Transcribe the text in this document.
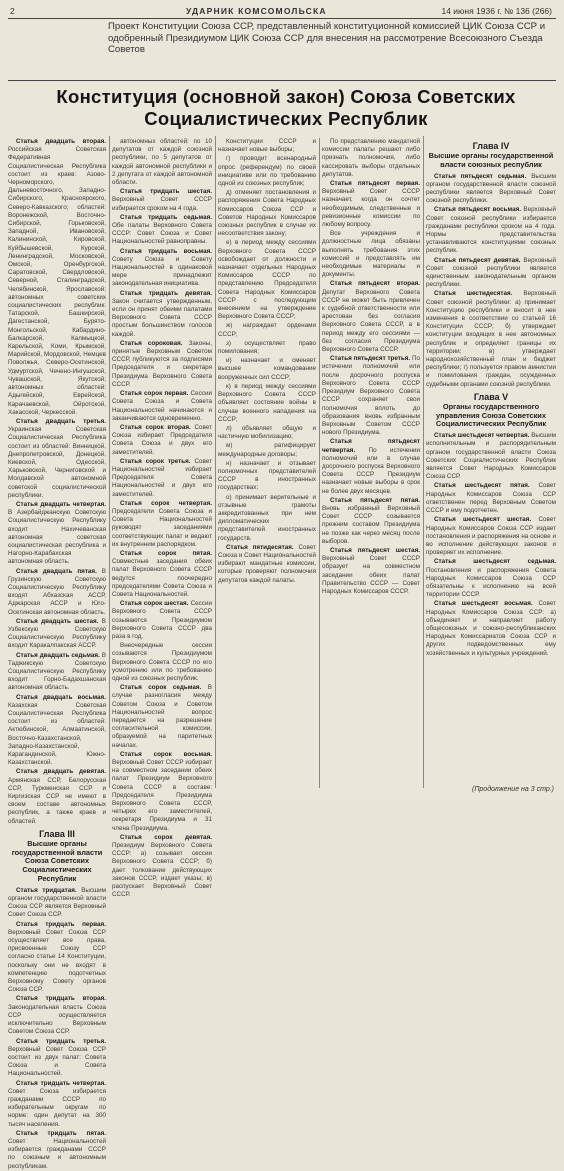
2	УДАРНИК КОМСОМОЛЬСКА	14 июня 1936 г. № 136 (266)
Проект Конституции Союза ССР, представленный конституционной комиссией ЦИК Союза ССР и одобренный Президиумом ЦИК Союза ССР для внесения на рассмотрение Всесоюзного Съезда Советов
Конституция (основной закон) Союза Советских Социалистических Республик

Статья двадцать вторая. Российская Советская Федеративная Социалистическая Республика состоит из краев: Азово-Черноморского, Дальневосточного, Западно-Сибирского, Красноярского, Северо-Кавказского; областей: Воронежской, Восточно-Сибирской, Горьковской, Западной, Ивановской, Калининской, Кировской, Куйбышевской, Курской, Ленинградской, Московской, Омской, Оренбургской, Саратовской, Свердловской, Северной, Сталинградской, Челябинской, Ярославской; автономных советских социалистических республик: Татарской, Башкирской, Дагестанской, Бурято-Монгольской, Кабардино-Балкарской, Калмыцкой, Карельской, Коми, Крымской, Марийской, Мордовской, Немцев Поволжья, Северо-Осетинской, Удмуртской, Чечено-Ингушской, Чувашской, Якутской; автономных областей: Адыгейской, Еврейской, Карачаевской, Ойротской, Хакасской, Черкесской.

Статья двадцать третья. Украинская Советская Социалистическая Республика состоит из областей: Винницкой, Днепропетровской, Донецкой, Киевской, Одесской, Харьковской, Черниговской и Молдавской автономной советской социалистической республики.

Статья двадцать четвертая. В Азербайджанскую Советскую Социалистическую Республику входит Нахичеванская автономная советская социалистическая республика и Нагорно-Карабахская автономная область.

Статья двадцать пятая. В Грузинскую Советскую Социалистическую Республику входят Абхазская АССР, Аджарская АССР и Юго-Осетинская автономная область.

Статья двадцать шестая. В Узбекскую Советскую Социалистическую Республику входит Каракалпакская АССР.

Статья двадцать седьмая. В Таджикскую Советскую Социалистическую Республику входит Горно-Бадахшанская автономная область.

Статья двадцать восьмая. Казахская Советская Социалистическая Республика состоит из областей: Актюбинской, Алмаатинской, Восточно-Казахстанской, Западно-Казахстанской, Карагандинской, Южно-Казахстанской.

Статья двадцать девятая. Армянская ССР, Белорусская ССР, Туркменская ССР и Киргизская ССР не имеют в своем составе автономных республик, а также краев и областей.

Глава III
Высшие органы государственной власти Союза Советских Социалистических Республик

Статья тридцатая. Высшим органом государственной власти Союза ССР является Верховный Совет Союза ССР.

Статья тридцать первая. Верховный Совет Союза ССР осуществляет все права, присвоенные Союзу ССР согласно статье 14 Конституции, поскольку они не входят в компетенцию подотчетных Верховному Совету органов Союза ССР.

Статья тридцать вторая. Законодательная власть Союза ССР осуществляется исключительно Верховным Советом Союза ССР.

Статья тридцать третья. Верховный Совет Союза ССР состоит из двух палат: Совета Союза и Совета Национальностей.

Статья тридцать четвертая. Совет Союза избирается гражданами СССР по избирательным округам по норме: один депутат на 300 тысяч населения.

Статья тридцать пятая. Совет Национальностей избирается гражданами СССР по союзным и автономным республикам.

автономных областей: по 10 депутатов от каждой союзной республики, по 5 депутатов от каждой автономной республики и 2 депутата от каждой автономной области.

Статья тридцать шестая. Верховный Совет СССР избирается сроком на 4 года.

Статья тридцать седьмая. Обе палаты Верховного Совета СССР: Совет Союза и Совет Национальностей равноправны.

Статья тридцать восьмая. Совету Союза и Совету Национальностей в одинаковой мере принадлежит законодательная инициатива.

Статья тридцать девятая. Закон считается утвержденным, если он принят обеими палатами Верховного Совета СССР простым большинством голосов каждой.

Статья сороковая. Законы, принятые Верховным Советом СССР, публикуются за подписями Председателя и секретаря Президиума Верховного Совета СССР.

Статья сорок первая. Сессии Совета Союза и Совета Национальностей начинаются и заканчиваются одновременно.

Статья сорок вторая. Совет Союза избирает Председателя Совета Союза и двух его заместителей.

Статья сорок третья. Совет Национальностей избирает Председателя Совета Национальностей и двух его заместителей.

Статья сорок четвертая. Председатели Совета Союза и Совета Национальностей руководят заседаниями соответствующих палат и ведают их внутренним распорядком.

Статья сорок пятая. Совместные заседания обеих палат Верховного Совета СССР ведутся поочередно председателями Совета Союза и Совета Национальностей.

Статья сорок шестая. Сессии Верховного Совета СССР созываются Президиумом Верховного Совета СССР два раза в год.

Внеочередные сессии созываются Президиумом Верховного Совета СССР по его усмотрению или по требованию одной из союзных республик.

Статья сорок седьмая. В случае разногласия между Советом Союза и Советом Национальностей вопрос передается на разрешение согласительной комиссии, образуемой на паритетных началах.

Статья сорок восьмая. Верховный Совет СССР избирает на совместном заседании обеих палат Президиум Верховного Совета СССР в составе: Председателя Президиума Верховного Совета СССР, четырех его заместителей, секретаря Президиума и 31 члена Президиума.

Статья сорок девятая. Президиум Верховного Совета СССР: а) созывает сессии Верховного Совета СССР; б) дает толкование действующих законов СССР, издает указы; в) распускает Верховный Совет СССР.

Конституции СССР и назначает новые выборы;

г) проводит всенародный опрос (референдум) по своей инициативе или по требованию одной из союзных республик;

д) отменяет постановления и распоряжения Совета Народных Комиссаров Союза ССР и Советов Народных Комиссаров союзных республик в случае их несоответствия закону;

е) в период между сессиями Верховного Совета СССР освобождает от должности и назначает отдельных Народных Комиссаров СССР по представлению Председателя Совета Народных Комиссаров СССР с последующим внесением на утверждение Верховного Совета СССР;

ж) награждает орденами СССР;

з) осуществляет право помилования;

и) назначает и сменяет высшее командование вооруженных сил СССР;

к) в период между сессиями Верховного Совета СССР объявляет состояние войны в случае военного нападения на СССР;

л) объявляет общую и частичную мобилизацию;

м) ратифицирует международные договоры;

н) назначает и отзывает полномочных представителей СССР в иностранных государствах;

о) принимает верительные и отзывные грамоты аккредитованных при нем дипломатических представителей иностранных государств.

Статья пятидесятая. Совет Союза и Совет Национальностей избирают мандатные комиссии, которые проверяют полномочия депутатов каждой палаты.

По представлению мандатной комиссии палаты решают либо признать полномочия, либо кассировать выборы отдельных депутатов.

Статья пятьдесят первая. Верховный Совет СССР назначает, когда он сочтет необходимым, следственные и ревизионные комиссии по любому вопросу.

Все учреждения и должностные лица обязаны выполнять требования этих комиссий и представлять им необходимые материалы и документы.

Статья пятьдесят вторая. Депутат Верховного Совета СССР не может быть привлечен к судебной ответственности или арестован без согласия Верховного Совета СССР, а в период между его сессиями — без согласия Президиума Верховного Совета СССР.

Статья пятьдесят третья. По истечении полномочий или после досрочного роспуска Верховного Совета СССР Президиум Верховного Совета СССР сохраняет свои полномочия вплоть до образования вновь избранным Верховным Советом СССР нового Президиума.

Статья пятьдесят четвертая. По истечении полномочий или в случае досрочного роспуска Верховного Совета СССР Президиум назначает новые выборы в срок не более двух месяцев.

Статья пятьдесят пятая. Вновь избранный Верховный Совет СССР созывается прежним составом Президиума не позже как через месяц после выборов.

Статья пятьдесят шестая. Верховный Совет СССР образует на совместном заседании обеих палат Правительство СССР — Совет Народных Комиссаров СССР.

Глава IV
Высшие органы государственной власти союзных республик

Статья пятьдесят седьмая. Высшим органом государственной власти союзной республики является Верховный Совет союзной республики.

Статья пятьдесят восьмая. Верховный Совет союзной республики избирается гражданами республики сроком на 4 года. Нормы представительства устанавливаются конституциями союзных республик.

Статья пятьдесят девятая. Верховный Совет союзной республики является единственным законодательным органом республики.

Статья шестидесятая. Верховный Совет союзной республики: а) принимает Конституцию республики и вносит в нее изменения в соответствии со статьей 16 Конституции СССР; б) утверждает конституции входящих в нее автономных республик и определяет границы их территории; в) утверждает народнохозяйственный план и бюджет республики; г) пользуется правом амнистии и помилования граждан, осужденных судебными органами союзной республики.

Глава V
Органы государственного управления Союза Советских Социалистических Республик

Статья шестьдесят четвертая. Высшим исполнительным и распорядительным органом государственной власти Союза Советских Социалистических Республик является Совет Народных Комиссаров Союза ССР.

Статья шестьдесят пятая. Совет Народных Комиссаров Союза ССР ответственен перед Верховным Советом СССР и ему подотчетен.

Статья шестьдесят шестая. Совет Народных Комиссаров Союза ССР издает постановления и распоряжения на основе и во исполнение действующих законов и проверяет их исполнение.

Статья шестьдесят седьмая. Постановления и распоряжения Совета Народных Комиссаров Союза ССР обязательны к исполнению на всей территории СССР.

Статья шестьдесят восьмая. Совет Народных Комиссаров Союза ССР: а) объединяет и направляет работу общесоюзных и союзно-республиканских Народных Комиссариатов Союза ССР и других подведомственных ему хозяйственных и культурных учреждений.

(Продолжение на 3 стр.)
